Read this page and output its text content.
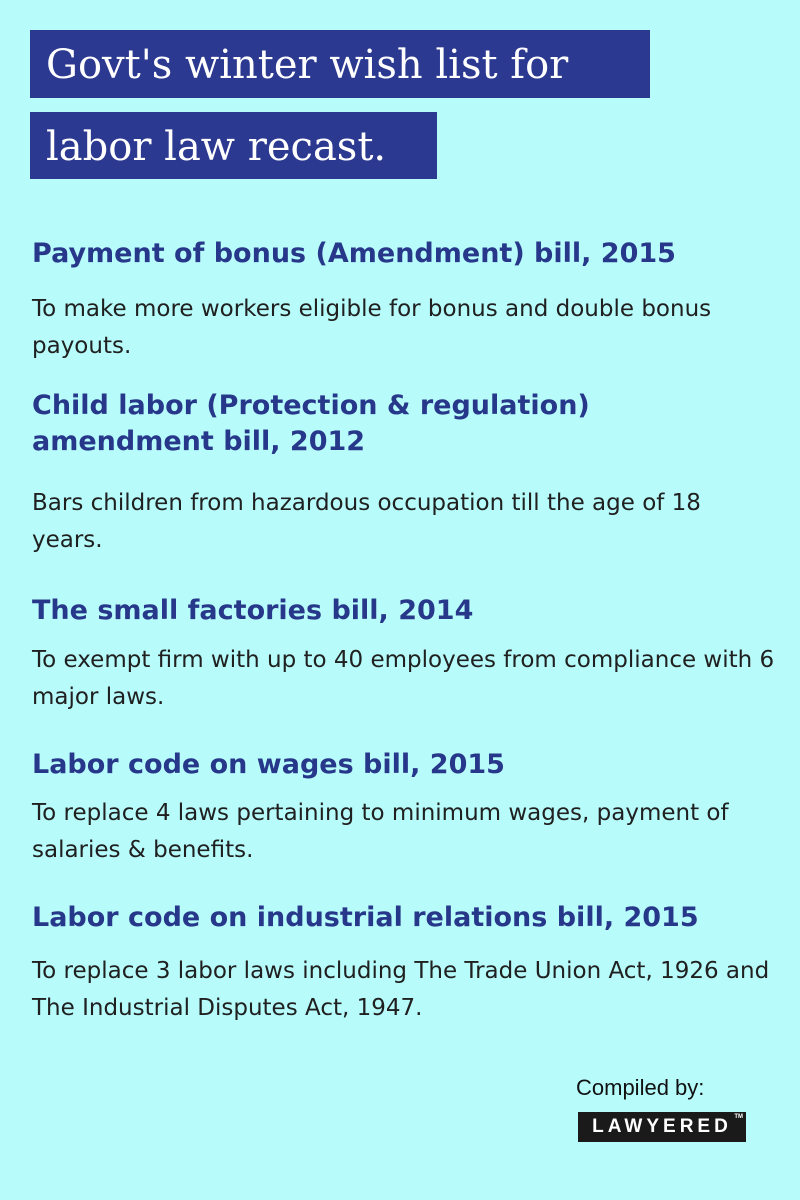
Govt's winter wish list for
labor law recast.
Payment of bonus (Amendment) bill, 2015

To make more workers eligible for bonus and double bonus payouts.

Child labor (Protection & regulation) amendment bill, 2012

Bars children from hazardous occupation till the age of 18 years.

The small factories bill, 2014

To exempt firm with up to 40 employees from compliance with 6 major laws.

Labor code on wages bill, 2015

To replace 4 laws pertaining to minimum wages, payment of salaries & benefits.

Labor code on industrial relations bill, 2015

To replace 3 labor laws including The Trade Union Act, 1926 and The Industrial Disputes Act, 1947.

Compiled by:
LAWYERED TM
